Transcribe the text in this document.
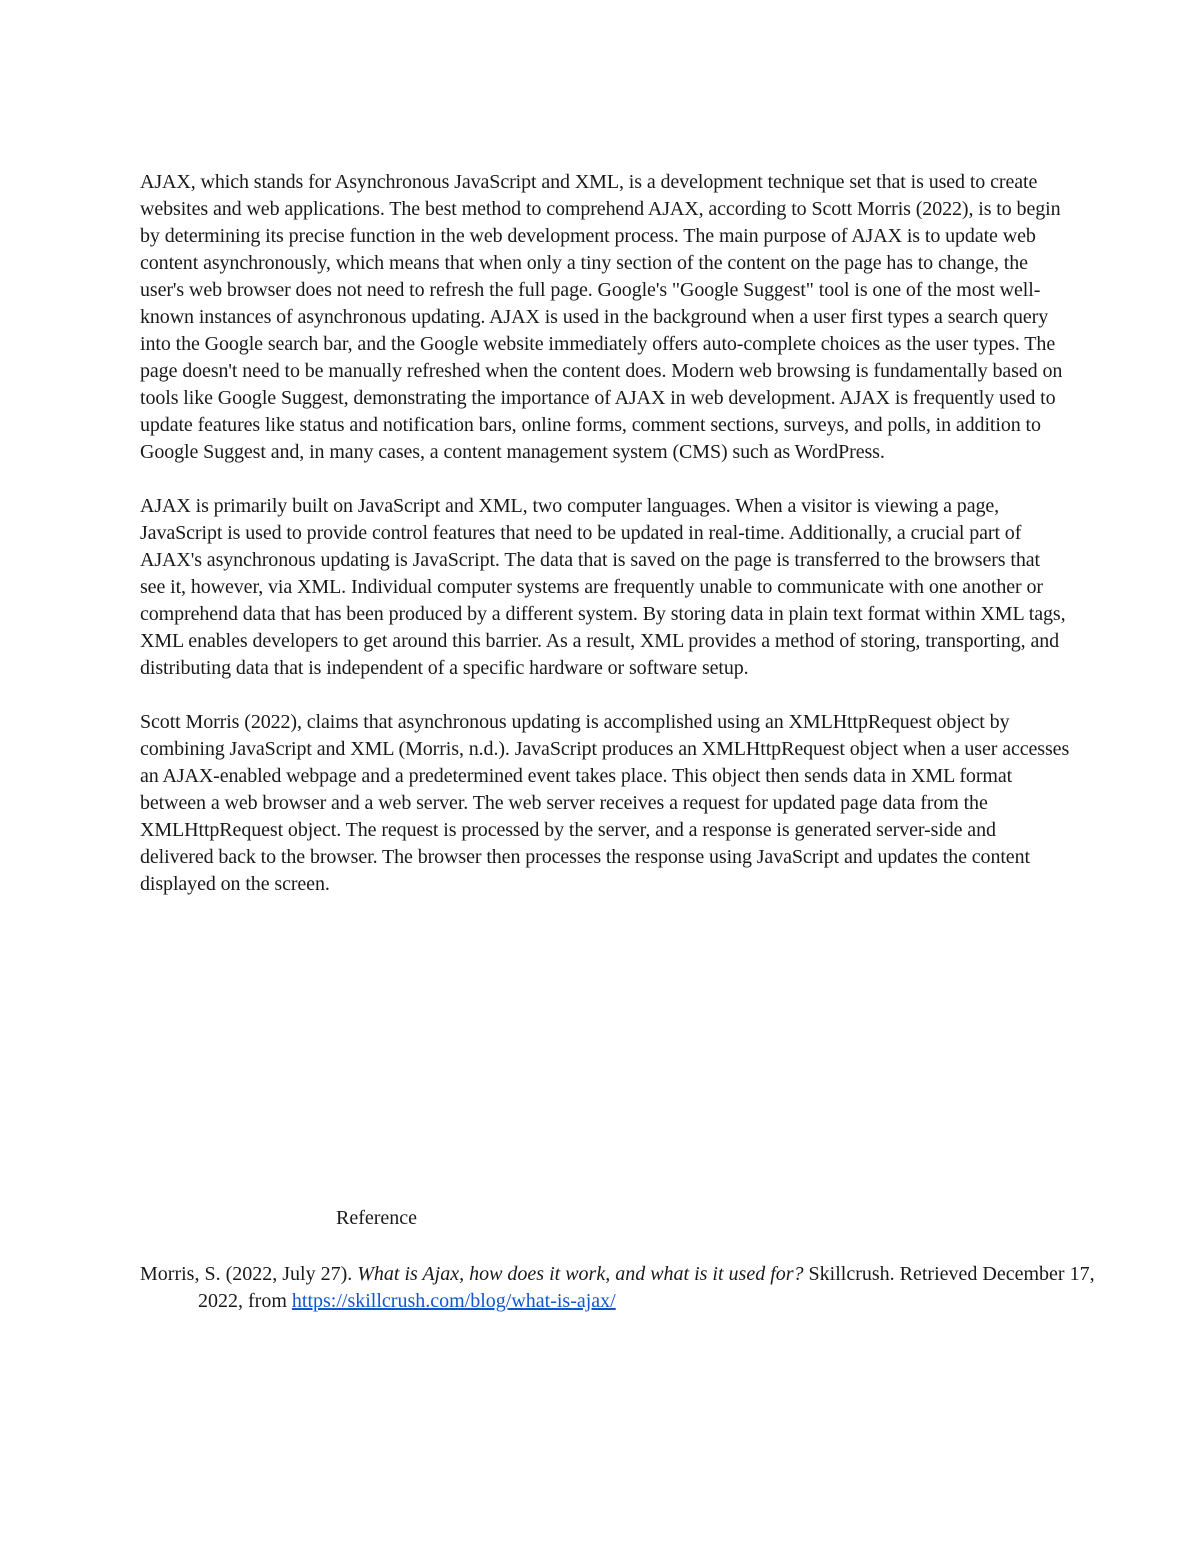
AJAX, which stands for Asynchronous JavaScript and XML, is a development technique set that is used to create websites and web applications. The best method to comprehend AJAX, according to Scott Morris (2022), is to begin by determining its precise function in the web development process. The main purpose of AJAX is to update web content asynchronously, which means that when only a tiny section of the content on the page has to change, the user's web browser does not need to refresh the full page. Google's "Google Suggest" tool is one of the most well-known instances of asynchronous updating. AJAX is used in the background when a user first types a search query into the Google search bar, and the Google website immediately offers auto-complete choices as the user types. The page doesn't need to be manually refreshed when the content does. Modern web browsing is fundamentally based on tools like Google Suggest, demonstrating the importance of AJAX in web development. AJAX is frequently used to update features like status and notification bars, online forms, comment sections, surveys, and polls, in addition to Google Suggest and, in many cases, a content management system (CMS) such as WordPress.

AJAX is primarily built on JavaScript and XML, two computer languages. When a visitor is viewing a page, JavaScript is used to provide control features that need to be updated in real-time. Additionally, a crucial part of AJAX's asynchronous updating is JavaScript. The data that is saved on the page is transferred to the browsers that see it, however, via XML. Individual computer systems are frequently unable to communicate with one another or comprehend data that has been produced by a different system. By storing data in plain text format within XML tags, XML enables developers to get around this barrier. As a result, XML provides a method of storing, transporting, and distributing data that is independent of a specific hardware or software setup.

Scott Morris (2022), claims that asynchronous updating is accomplished using an XMLHttpRequest object by combining JavaScript and XML (Morris, n.d.). JavaScript produces an XMLHttpRequest object when a user accesses an AJAX-enabled webpage and a predetermined event takes place. This object then sends data in XML format between a web browser and a web server. The web server receives a request for updated page data from the XMLHttpRequest object. The request is processed by the server, and a response is generated server-side and delivered back to the browser. The browser then processes the response using JavaScript and updates the content displayed on the screen.

Reference

Morris, S. (2022, July 27). What is Ajax, how does it work, and what is it used for? Skillcrush. Retrieved December 17, 2022, from https://skillcrush.com/blog/what-is-ajax/
